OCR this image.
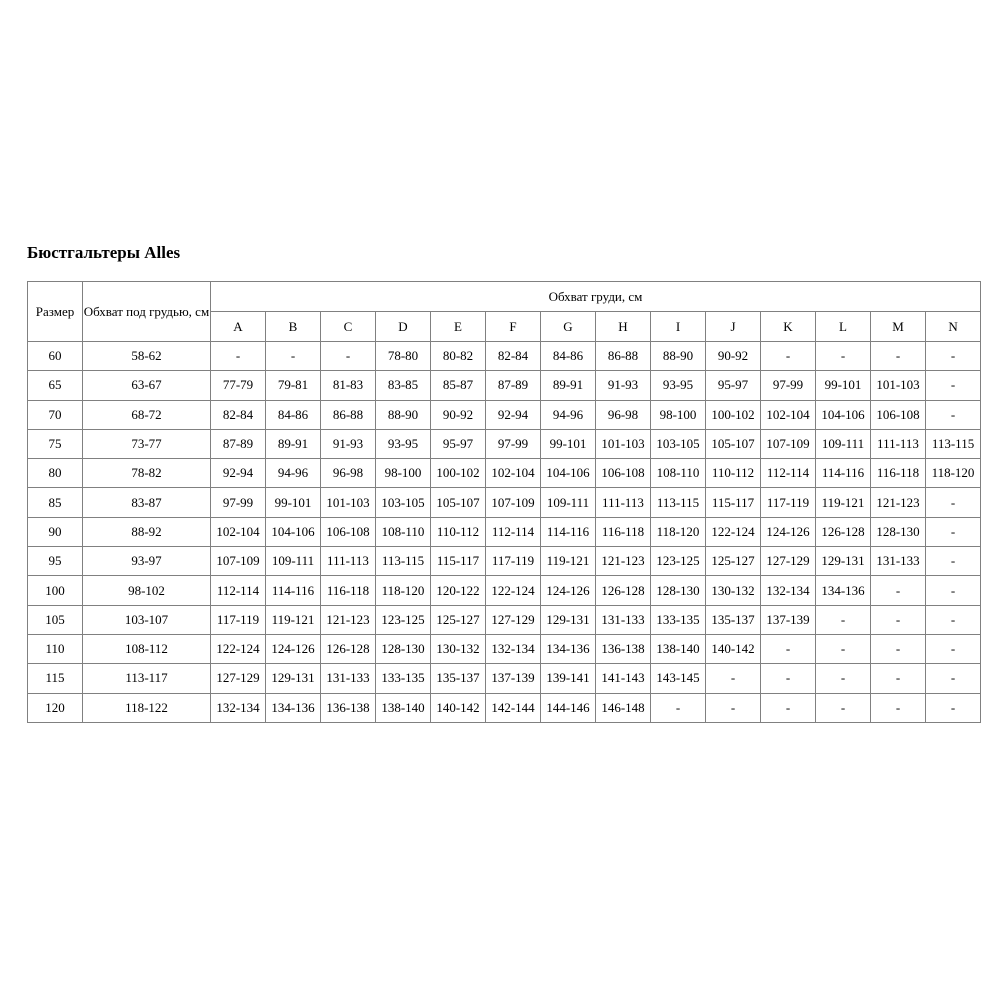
Бюстгальтеры Alles
Размер	Обхват под грудью, см	Обхват груди, см													
		A	B	C	D	E	F	G	H	I	J	K	L	M	N
60	58-62	-	-	-	78-80	80-82	82-84	84-86	86-88	88-90	90-92	-	-	-	-
65	63-67	77-79	79-81	81-83	83-85	85-87	87-89	89-91	91-93	93-95	95-97	97-99	99-101	101-103	-
70	68-72	82-84	84-86	86-88	88-90	90-92	92-94	94-96	96-98	98-100	100-102	102-104	104-106	106-108	-
75	73-77	87-89	89-91	91-93	93-95	95-97	97-99	99-101	101-103	103-105	105-107	107-109	109-111	111-113	113-115
80	78-82	92-94	94-96	96-98	98-100	100-102	102-104	104-106	106-108	108-110	110-112	112-114	114-116	116-118	118-120
85	83-87	97-99	99-101	101-103	103-105	105-107	107-109	109-111	111-113	113-115	115-117	117-119	119-121	121-123	-
90	88-92	102-104	104-106	106-108	108-110	110-112	112-114	114-116	116-118	118-120	122-124	124-126	126-128	128-130	-
95	93-97	107-109	109-111	111-113	113-115	115-117	117-119	119-121	121-123	123-125	125-127	127-129	129-131	131-133	-
100	98-102	112-114	114-116	116-118	118-120	120-122	122-124	124-126	126-128	128-130	130-132	132-134	134-136	-	-
105	103-107	117-119	119-121	121-123	123-125	125-127	127-129	129-131	131-133	133-135	135-137	137-139	-	-	-
110	108-112	122-124	124-126	126-128	128-130	130-132	132-134	134-136	136-138	138-140	140-142	-	-	-	-
115	113-117	127-129	129-131	131-133	133-135	135-137	137-139	139-141	141-143	143-145	-	-	-	-	-
120	118-122	132-134	134-136	136-138	138-140	140-142	142-144	144-146	146-148	-	-	-	-	-	-
